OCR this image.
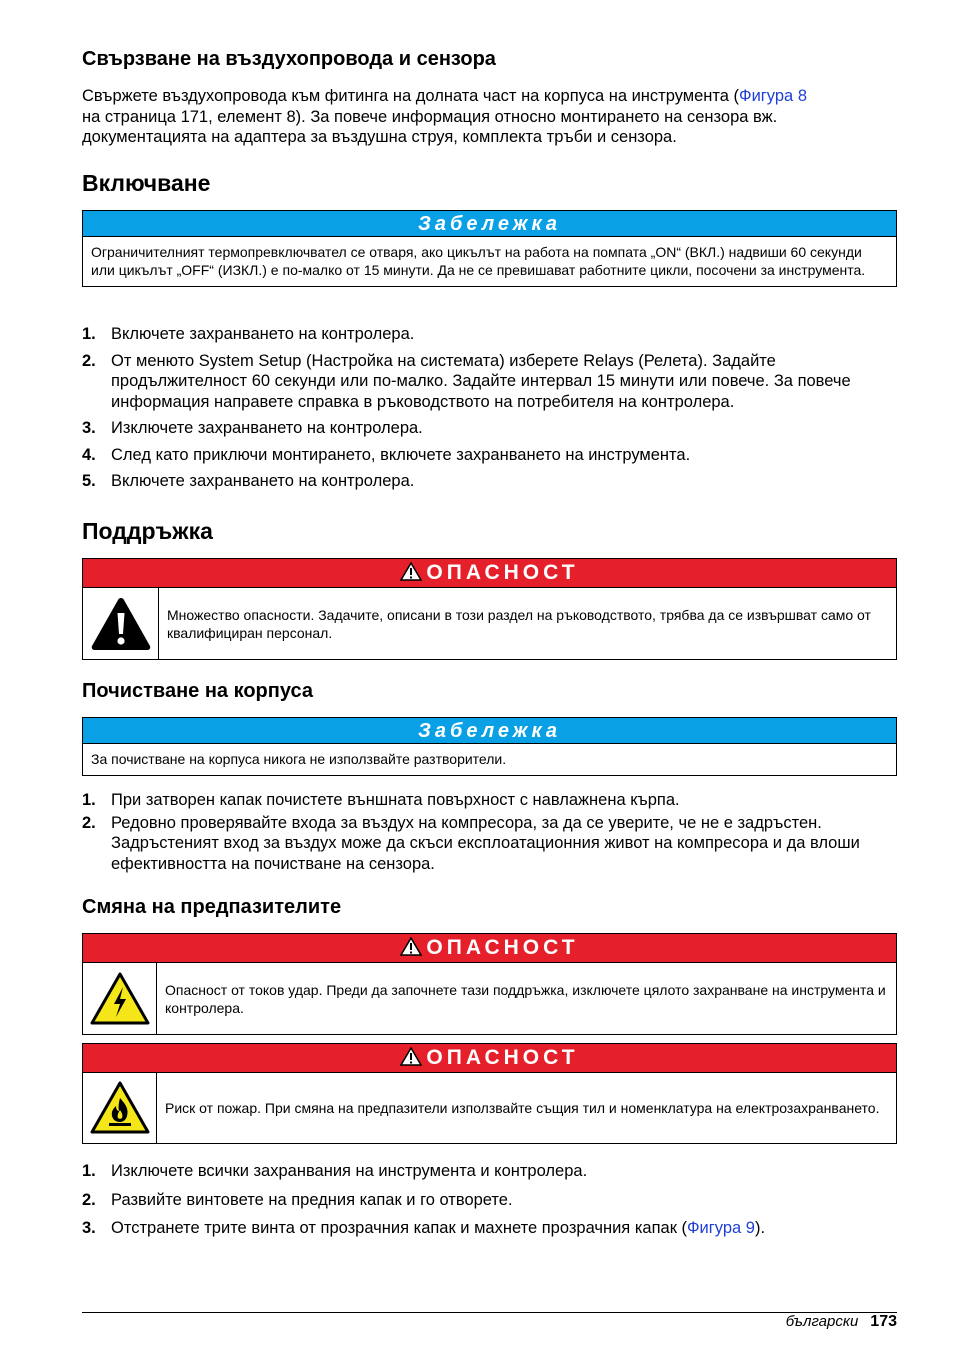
Свързване на въздухопровода и сензора

Свържете въздухопровода към фитинга на долната част на корпуса на инструмента (Фигура 8
на страница 171, елемент 8). За повече информация относно монтирането на сензора вж.
документацията на адаптера за въздушна струя, комплекта тръби и сензора.

Включване
Забележка
Ограничителният термопревключвател се отваря, ако цикълът на работа на помпата „ON“ (ВКЛ.) надвиши 60 секунди или цикълът „OFF“ (ИЗКЛ.) е по-малко от 15 минути. Да не се превишават работните цикли, посочени за инструмента.
1. Включете захранването на контролера.
2. От менюто System Setup (Настройка на системата) изберете Relays (Релета). Задайте продължителност 60 секунди или по-малко. Задайте интервал 15 минути или повече. За повече информация направете справка в ръководството на потребителя на контролера.
3. Изключете захранването на контролера.
4. След като приключи монтирането, включете захранването на инструмента.
5. Включете захранването на контролера.
Поддръжка
ОПАСНОСТ
Множество опасности. Задачите, описани в този раздел на ръководството, трябва да се извършват само от квалифициран персонал.
Почистване на корпуса
Забележка
За почистване на корпуса никога не използвайте разтворители.
1. При затворен капак почистете външната повърхност с навлажнена кърпа.
2. Редовно проверявайте входа за въздух на компресора, за да се уверите, че не е задръстен. Задръстеният вход за въздух може да скъси експлоатационния живот на компресора и да влоши ефективността на почистване на сензора.
Смяна на предпазителите
ОПАСНОСТ
Опасност от токов удар. Преди да започнете тази поддръжка, изключете цялото захранване на инструмента и контролера.
ОПАСНОСТ
Риск от пожар. При смяна на предпазители използвайте същия тил и номенклатура на електрозахранването.
1. Изключете всички захранвания на инструмента и контролера.
2. Развийте винтовете на предния капак и го отворете.
3. Отстранете трите винта от прозрачния капак и махнете прозрачния капак (Фигура 9).
български 173
